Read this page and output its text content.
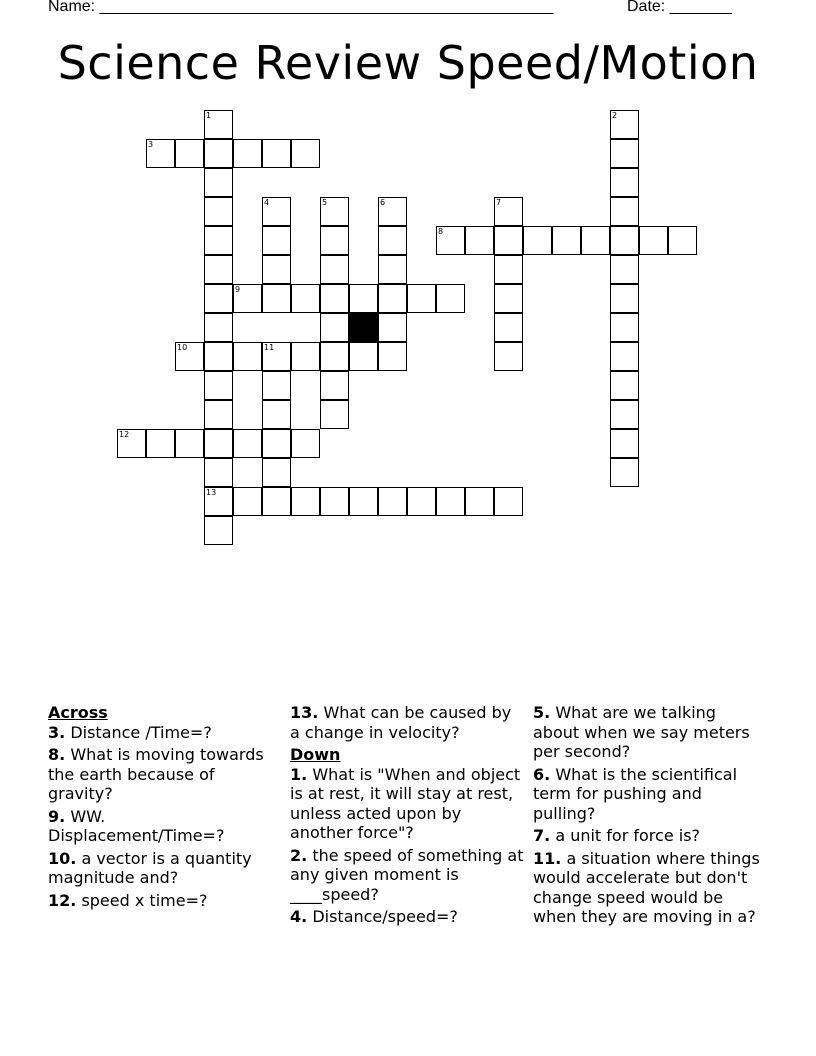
Name: ___________________________________________________	Date: _______
Science Review Speed/Motion
1	2
3
4	5	6	7
8
9
10	11
12
13
Across
3. Distance /Time=?
8. What is moving towards the earth because of gravity?
9. WW. Displacement/Time=?
10. a vector is a quantity magnitude and?
12. speed x time=?
13. What can be caused by a change in velocity?
Down
1. What is "When and object is at rest, it will stay at rest, unless acted upon by another force"?
2. the speed of something at any given moment is ____speed?
4. Distance/speed=?
5. What are we talking about when we say meters per second?
6. What is the scientifical term for pushing and pulling?
7. a unit for force is?
11. a situation where things would accelerate but don't change speed would be when they are moving in a?
